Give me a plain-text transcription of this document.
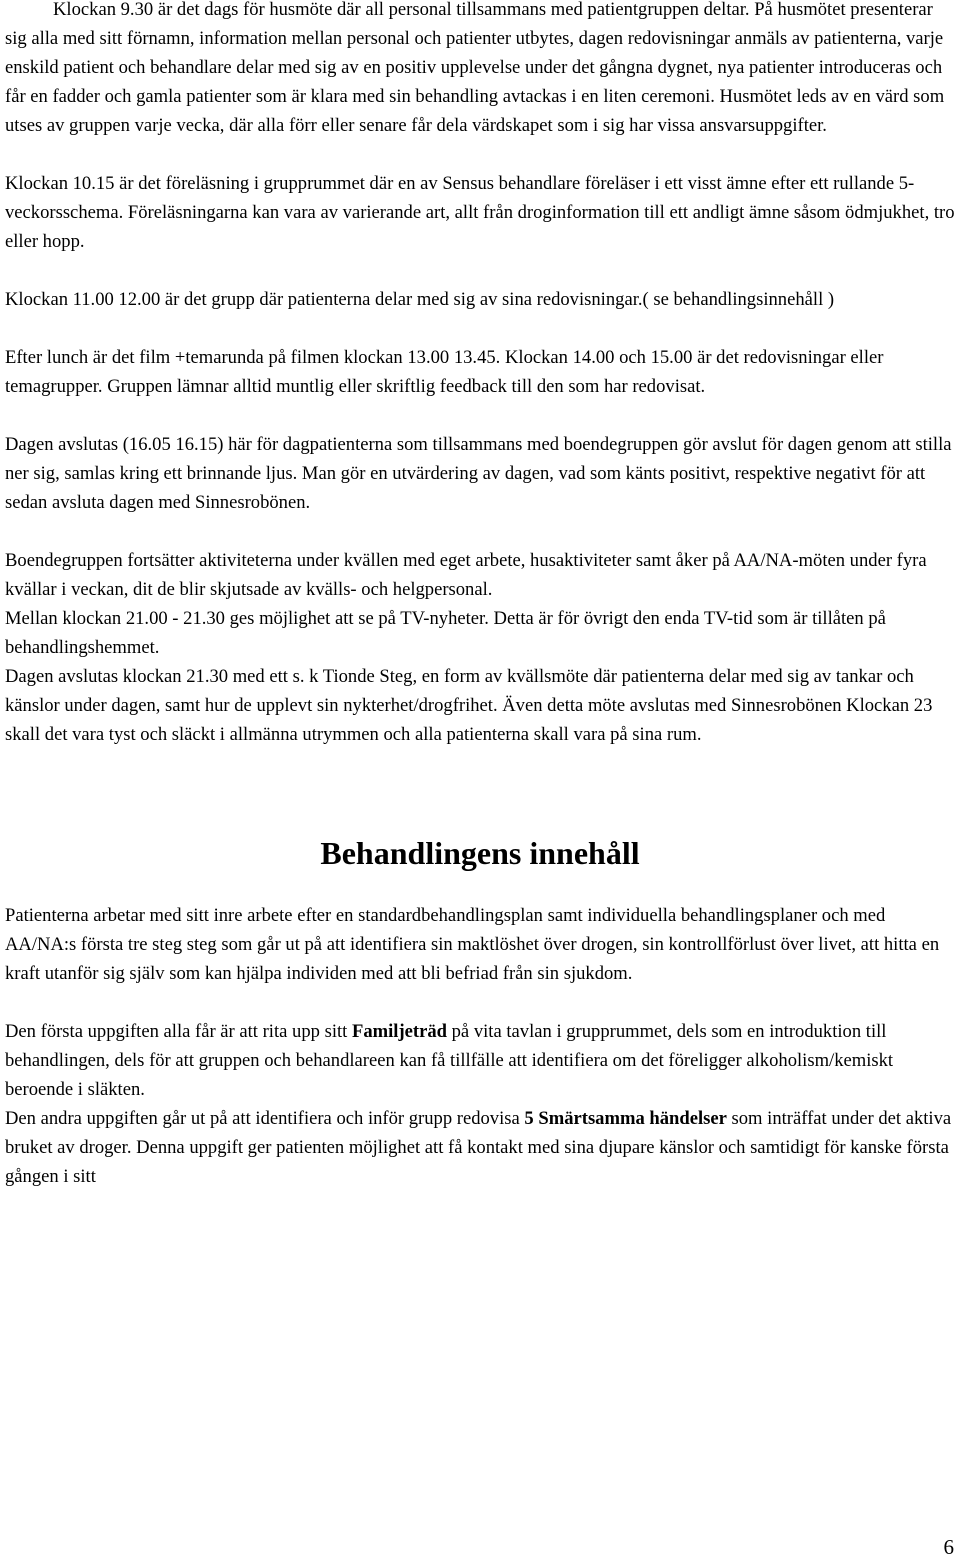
Klockan 9.30 är det dags för husmöte där all personal tillsammans med patientgruppen deltar. På husmötet presenterar sig alla med sitt förnamn, information mellan personal och patienter utbytes, dagen redovisningar anmäls av patienterna, varje enskild patient och behandlare delar med sig av en positiv upplevelse under det gångna dygnet, nya patienter introduceras och får en fadder och gamla patienter som är klara med sin behandling avtackas i en liten ceremoni. Husmötet leds av en värd som utses av gruppen varje vecka, där alla förr eller senare får dela värdskapet som i sig har vissa ansvarsuppgifter.

Klockan 10.15 är det föreläsning i grupprummet där en av Sensus behandlare föreläser i ett visst ämne efter ett rullande 5-veckorsschema. Föreläsningarna kan vara av varierande art, allt från droginformation till ett andligt ämne såsom ödmjukhet, tro eller hopp.

Klockan 11.00 12.00 är det grupp där patienterna delar med sig av sina redovisningar.( se behandlingsinnehåll )

Efter lunch är det film +temarunda på filmen klockan 13.00 13.45. Klockan 14.00 och 15.00 är det redovisningar eller temagrupper. Gruppen lämnar alltid muntlig eller skriftlig feedback till den som har redovisat.

Dagen avslutas (16.05 16.15) här för dagpatienterna som tillsammans med boendegruppen gör avslut för dagen genom att stilla ner sig, samlas kring ett brinnande ljus. Man gör en utvärdering av dagen, vad som känts positivt, respektive negativt för att sedan avsluta dagen med Sinnesrobönen.

Boendegruppen fortsätter aktiviteterna under kvällen med eget arbete, husaktiviteter samt åker på AA/NA-möten under fyra kvällar i veckan, dit de blir skjutsade av kvälls- och helgpersonal.

Mellan klockan 21.00 - 21.30 ges möjlighet att se på TV-nyheter. Detta är för övrigt den enda TV-tid som är tillåten på behandlingshemmet.

Dagen avslutas klockan 21.30 med ett s. k Tionde Steg, en form av kvällsmöte där patienterna delar med sig av tankar och känslor under dagen, samt hur de upplevt sin nykterhet/drogfrihet. Även detta möte avslutas med Sinnesrobönen Klockan 23 skall det vara tyst och släckt i allmänna utrymmen och alla patienterna skall vara på sina rum.

Behandlingens innehåll

Patienterna arbetar med sitt inre arbete efter en standardbehandlingsplan samt individuella behandlingsplaner och med AA/NA:s första tre steg steg som går ut på att identifiera sin maktlöshet över drogen, sin kontrollförlust över livet, att hitta en kraft utanför sig själv som kan hjälpa individen med att bli befriad från sin sjukdom.

Den första uppgiften alla får är att rita upp sitt Familjeträd på vita tavlan i grupprummet, dels som en introduktion till behandlingen, dels för att gruppen och behandlareen kan få tillfälle att identifiera om det föreligger alkoholism/kemiskt beroende i släkten.

Den andra uppgiften går ut på att identifiera och inför grupp redovisa 5 Smärtsamma händelser som inträffat under det aktiva bruket av droger. Denna uppgift ger patienten möjlighet att få kontakt med sina djupare känslor och samtidigt för kanske första gången i sitt

6
